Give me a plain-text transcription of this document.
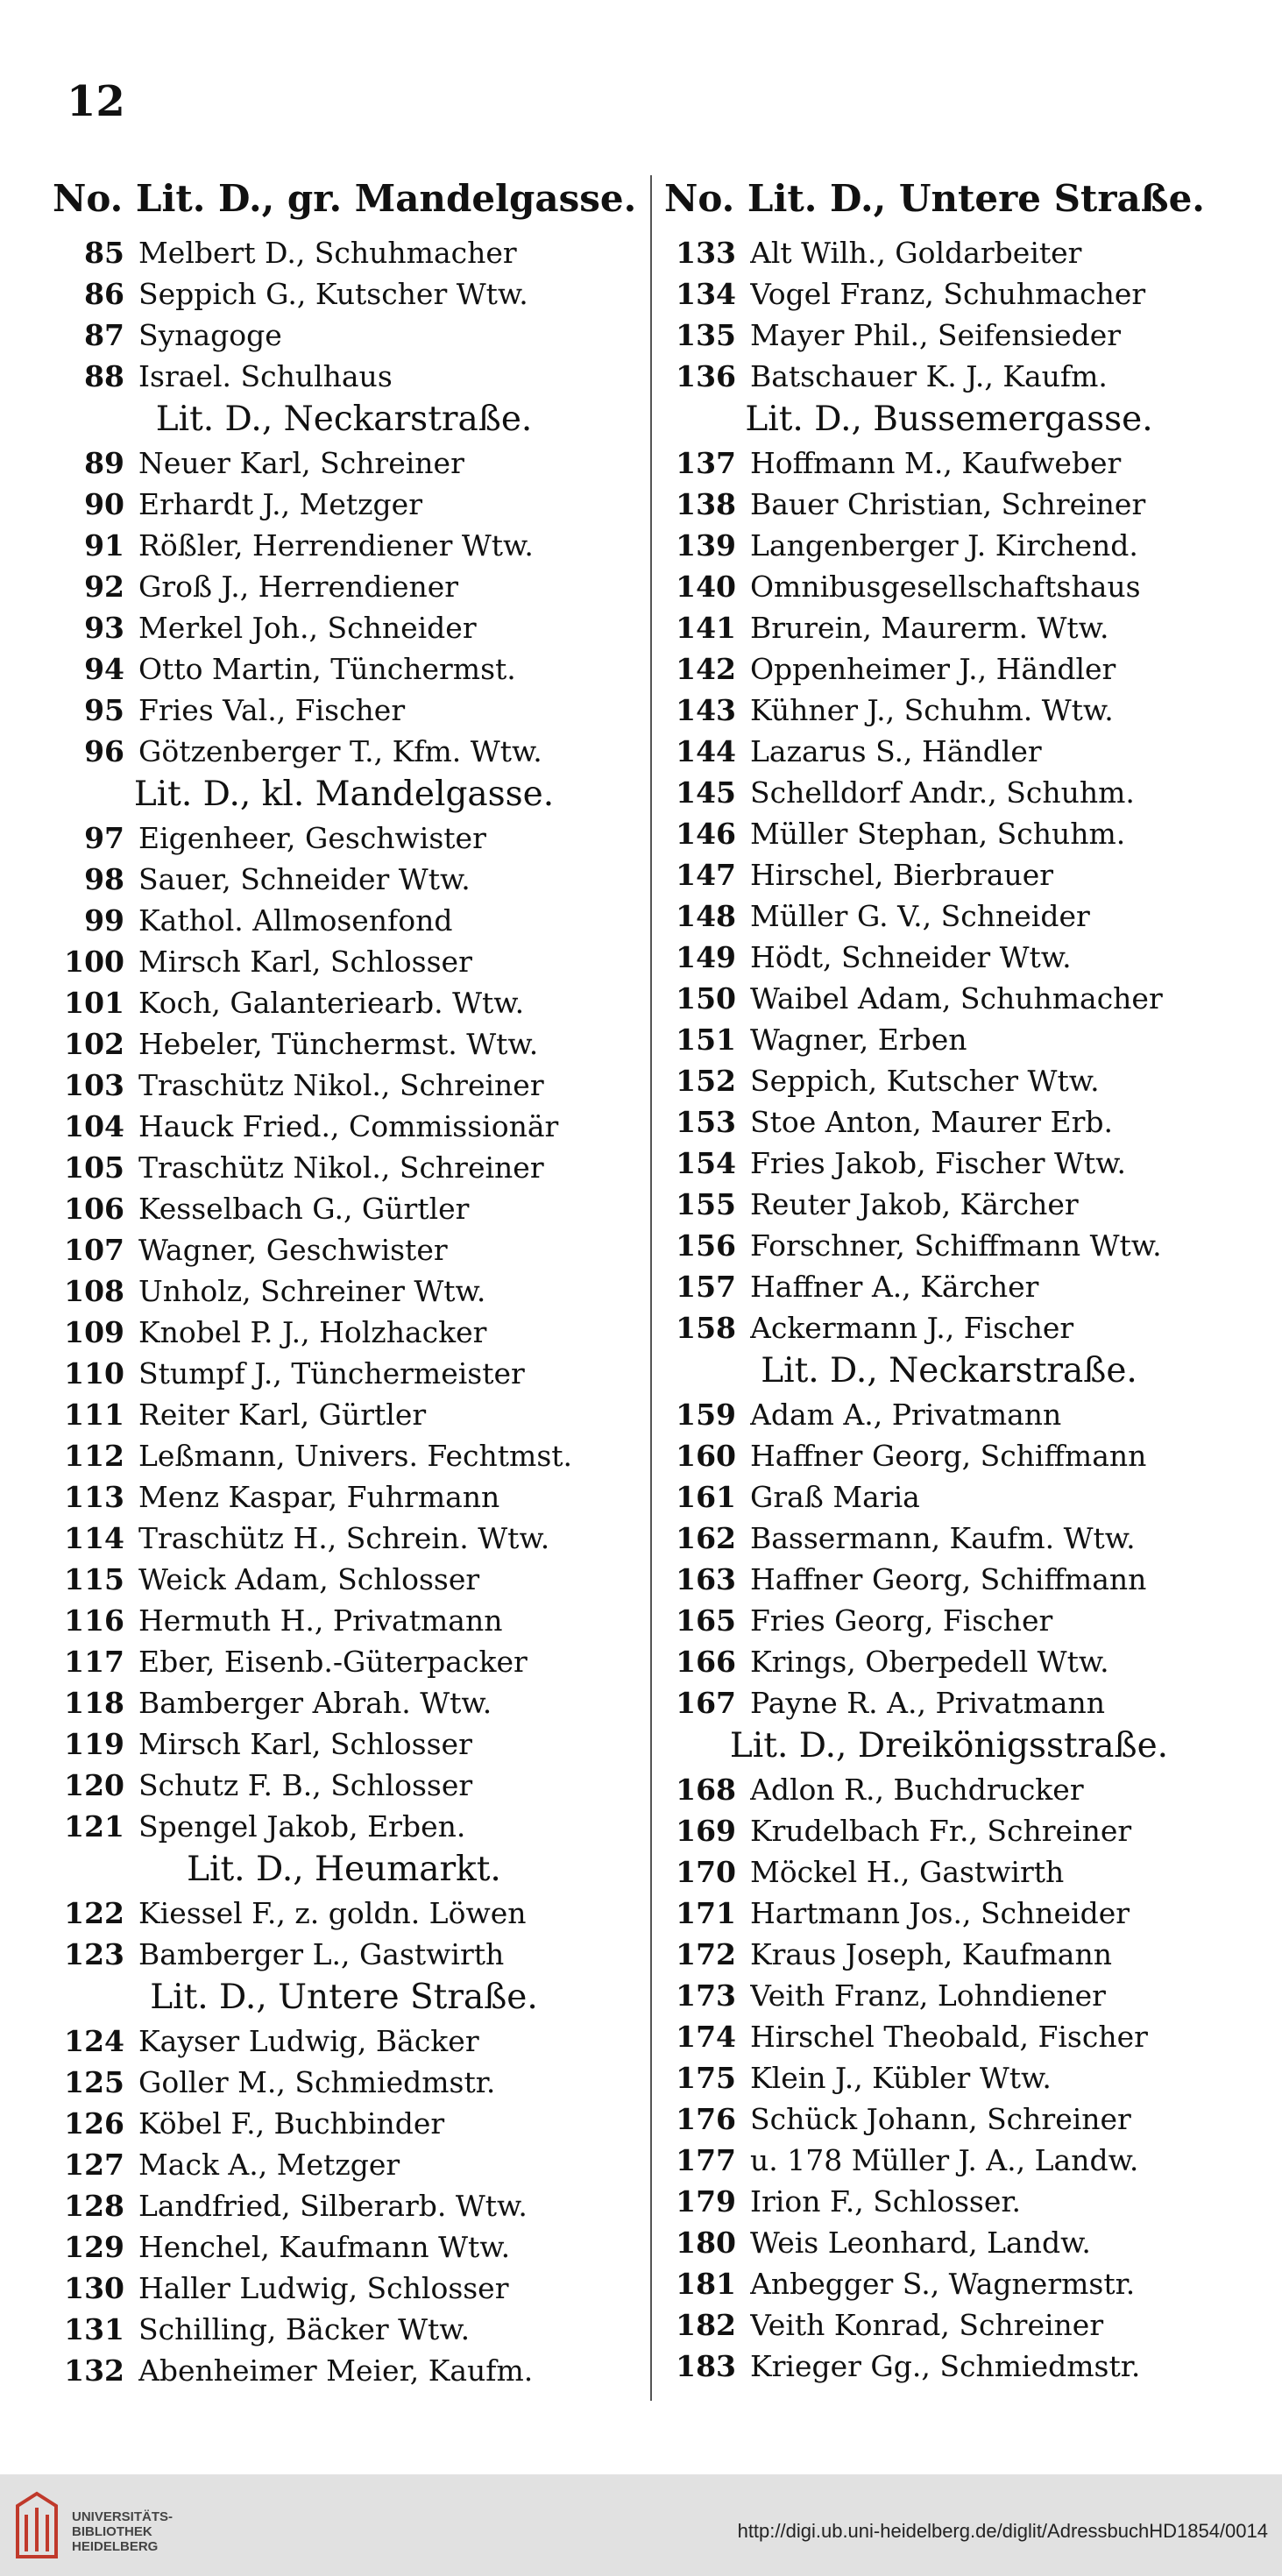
12
No. Lit. D., gr. Mandelgasse.
85 Melbert D., Schuhmacher
86 Seppich G., Kutscher Wtw.
87 Synagoge
88 Israel. Schulhaus
Lit. D., Neckarstraße.
89 Neuer Karl, Schreiner
90 Erhardt J., Metzger
91 Rößler, Herrendiener Wtw.
92 Groß J., Herrendiener
93 Merkel Joh., Schneider
94 Otto Martin, Tünchermst.
95 Fries Val., Fischer
96 Götzenberger T., Kfm. Wtw.
Lit. D., kl. Mandelgasse.
97 Eigenheer, Geschwister
98 Sauer, Schneider Wtw.
99 Kathol. Allmosenfond
100 Mirsch Karl, Schlosser
101 Koch, Galanteriearb. Wtw.
102 Hebeler, Tünchermst. Wtw.
103 Traschütz Nikol., Schreiner
104 Hauck Fried., Commissionär
105 Traschütz Nikol., Schreiner
106 Kesselbach G., Gürtler
107 Wagner, Geschwister
108 Unholz, Schreiner Wtw.
109 Knobel P. J., Holzhacker
110 Stumpf J., Tünchermeister
111 Reiter Karl, Gürtler
112 Leßmann, Univers. Fechtmst.
113 Menz Kaspar, Fuhrmann
114 Traschütz H., Schrein. Wtw.
115 Weick Adam, Schlosser
116 Hermuth H., Privatmann
117 Eber, Eisenb.-Güterpacker
118 Bamberger Abrah. Wtw.
119 Mirsch Karl, Schlosser
120 Schutz F. B., Schlosser
121 Spengel Jakob, Erben.
Lit. D., Heumarkt.
122 Kiessel F., z. goldn. Löwen
123 Bamberger L., Gastwirth
Lit. D., Untere Straße.
124 Kayser Ludwig, Bäcker
125 Goller M., Schmiedmstr.
126 Köbel F., Buchbinder
127 Mack A., Metzger
128 Landfried, Silberarb. Wtw.
129 Henchel, Kaufmann Wtw.
130 Haller Ludwig, Schlosser
131 Schilling, Bäcker Wtw.
132 Abenheimer Meier, Kaufm.
No. Lit. D., Untere Straße.
133 Alt Wilh., Goldarbeiter
134 Vogel Franz, Schuhmacher
135 Mayer Phil., Seifensieder
136 Batschauer K. J., Kaufm.
Lit. D., Bussemergasse.
137 Hoffmann M., Kaufweber
138 Bauer Christian, Schreiner
139 Langenberger J. Kirchend.
140 Omnibusgesellschaftshaus
141 Brurein, Maurerm. Wtw.
142 Oppenheimer J., Händler
143 Kühner J., Schuhm. Wtw.
144 Lazarus S., Händler
145 Schelldorf Andr., Schuhm.
146 Müller Stephan, Schuhm.
147 Hirschel, Bierbrauer
148 Müller G. V., Schneider
149 Hödt, Schneider Wtw.
150 Waibel Adam, Schuhmacher
151 Wagner, Erben
152 Seppich, Kutscher Wtw.
153 Stoe Anton, Maurer Erb.
154 Fries Jakob, Fischer Wtw.
155 Reuter Jakob, Kärcher
156 Forschner, Schiffmann Wtw.
157 Haffner A., Kärcher
158 Ackermann J., Fischer
Lit. D., Neckarstraße.
159 Adam A., Privatmann
160 Haffner Georg, Schiffmann
161 Graß Maria
162 Bassermann, Kaufm. Wtw.
163 Haffner Georg, Schiffmann
165 Fries Georg, Fischer
166 Krings, Oberpedell Wtw.
167 Payne R. A., Privatmann
Lit. D., Dreikönigsstraße.
168 Adlon R., Buchdrucker
169 Krudelbach Fr., Schreiner
170 Möckel H., Gastwirth
171 Hartmann Jos., Schneider
172 Kraus Joseph, Kaufmann
173 Veith Franz, Lohndiener
174 Hirschel Theobald, Fischer
175 Klein J., Kübler Wtw.
176 Schück Johann, Schreiner
177 u. 178 Müller J. A., Landw.
179 Irion F., Schlosser.
180 Weis Leonhard, Landw.
181 Anbegger S., Wagnermstr.
182 Veith Konrad, Schreiner
183 Krieger Gg., Schmiedmstr.
UNIVERSITÄTS-
BIBLIOTHEK
HEIDELBERG
http://digi.ub.uni-heidelberg.de/diglit/AdressbuchHD1854/0014
